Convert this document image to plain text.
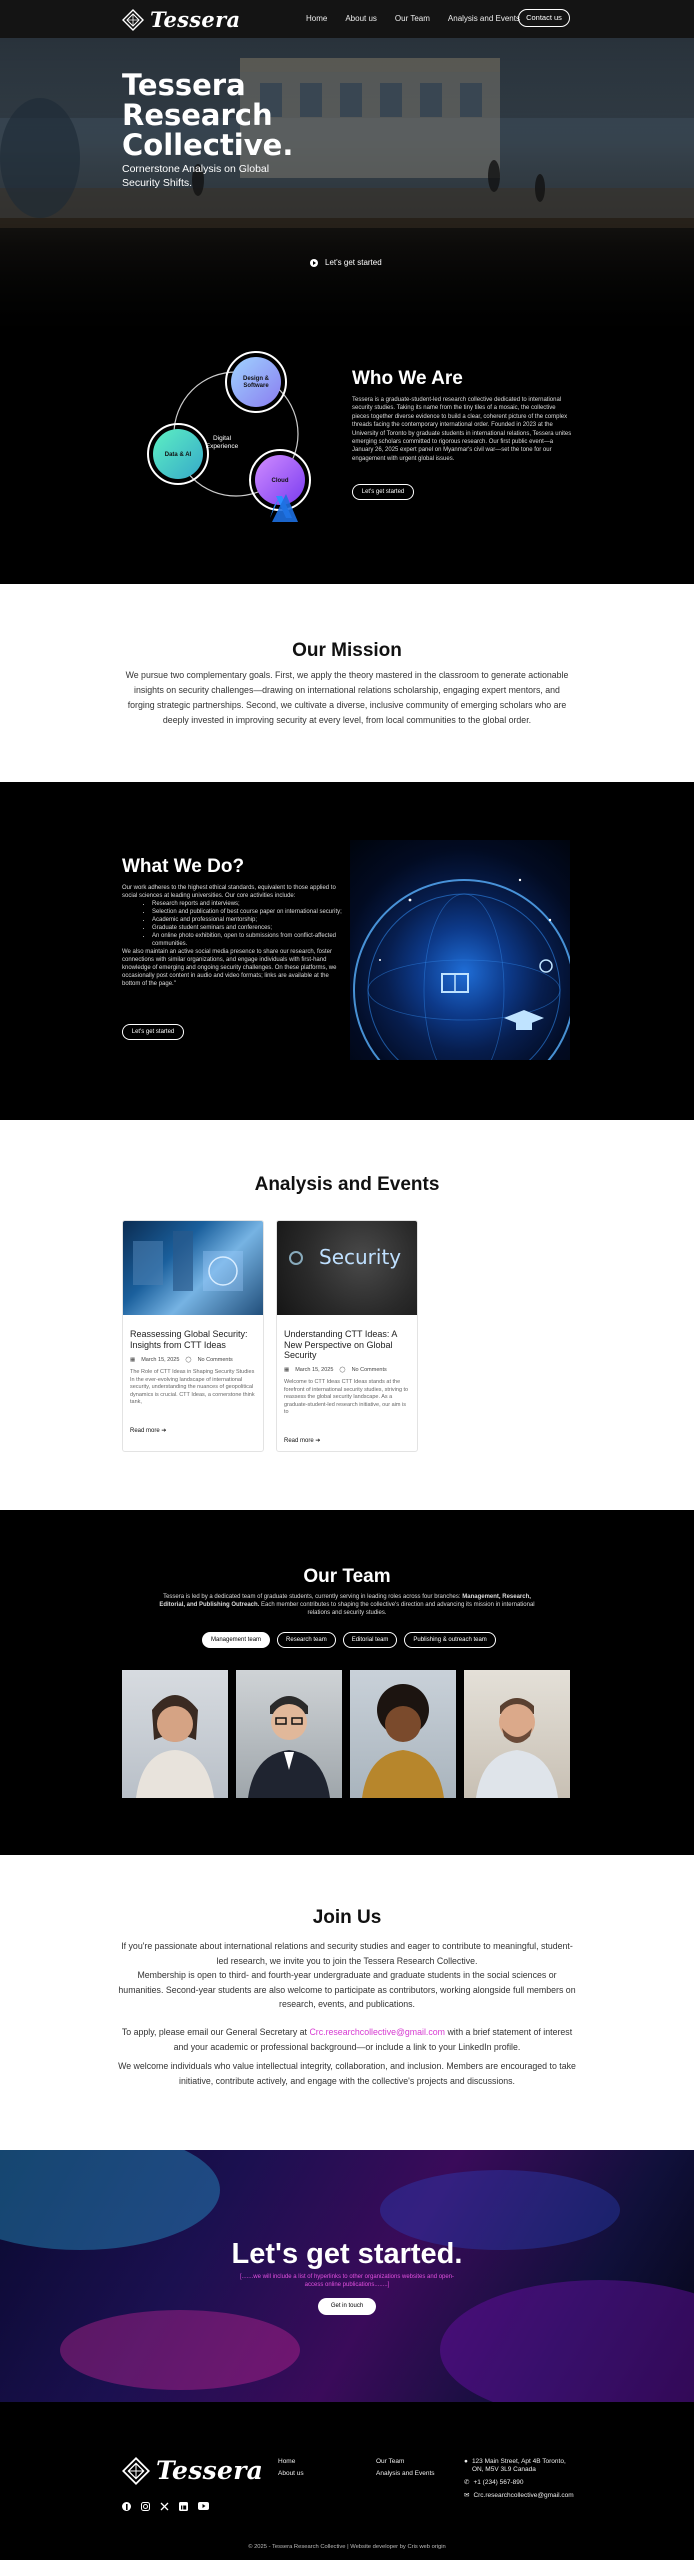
Tessera	Home About us Our Team Analysis and Events Contact us
Tessera
Research
Collective.
Cornerstone Analysis on Global Security Shifts.
Let's get started
Digital Experience
Design & Software
Data & AI
Cloud
Who We Are
Tessera is a graduate-student-led research collective dedicated to international security studies. Taking its name from the tiny tiles of a mosaic, the collective pieces together diverse evidence to build a clear, coherent picture of the complex threads facing the contemporary international order. Founded in 2023 at the University of Toronto by graduate students in international relations, Tessera unites emerging scholars committed to rigorous research. Our first public event—a January 26, 2025 expert panel on Myanmar's civil war—set the tone for our engagement with urgent global issues.
Let's get started
Our Mission
We pursue two complementary goals. First, we apply the theory mastered in the classroom to generate actionable insights on security challenges—drawing on international relations scholarship, engaging expert mentors, and forging strategic partnerships. Second, we cultivate a diverse, inclusive community of emerging scholars who are deeply invested in improving security at every level, from local communities to the global order.
What We Do?
Our work adheres to the highest ethical standards, equivalent to those applied to social sciences at leading universities. Our core activities include:
• Research reports and interviews;
• Selection and publication of best course paper on international security;
• Academic and professional mentorship;
• Graduate student seminars and conferences;
• An online photo exhibition, open to submissions from conflict-affected communities.
We also maintain an active social media presence to share our research, foster connections with similar organizations, and engage individuals with first-hand knowledge of emerging and ongoing security challenges. On these platforms, we occasionally post content in audio and video formats; links are available at the bottom of the page."
Let's get started
Analysis and Events
Reassessing Global Security: Insights from CTT Ideas
▦ March 15, 2025 ◯ No Comments
The Role of CTT Ideas in Shaping Security Studies In the ever-evolving landscape of international security, understanding the nuances of geopolitical dynamics is crucial. CTT Ideas, a cornerstone think tank,
Read more ➔
Security
Understanding CTT Ideas: A New Perspective on Global Security
▦ March 15, 2025 ◯ No Comments
Welcome to CTT Ideas CTT Ideas stands at the forefront of international security studies, striving to reassess the global security landscape. As a graduate-student-led research initiative, our aim is to
Read more ➔
Our Team
Tessera is led by a dedicated team of graduate students, currently serving in leading roles across four branches: Management, Research, Editorial, and Publishing Outreach. Each member contributes to shaping the collective's direction and advancing its mission in international relations and security studies.
Management team	Research team	Editorial team	Publishing & outreach team
Join Us
If you're passionate about international relations and security studies and eager to contribute to meaningful, student-led research, we invite you to join the Tessera Research Collective.
Membership is open to third- and fourth-year undergraduate and graduate students in the social sciences or humanities. Second-year students are also welcome to participate as contributors, working alongside full members on research, events, and publications.
To apply, please email our General Secretary at Crc.researchcollective@gmail.com with a brief statement of interest and your academic or professional background—or include a link to your LinkedIn profile.
We welcome individuals who value intellectual integrity, collaboration, and inclusion. Members are encouraged to take initiative, contribute actively, and engage with the collective's projects and discussions.
Let's get started.
[.......we will include a list of hyperlinks to other organizations websites and open-access online publications........]
Get in touch
Tessera Home
About us
Our Team
Analysis and Events
● 123 Main Street, Apt 4B Toronto, ON, M5V 3L9 Canada
✆ +1 (234) 567-890
✉ Crc.researchcollective@gmail.com
© 2025 - Tessera Research Collective | Website developer by Cris web origin
